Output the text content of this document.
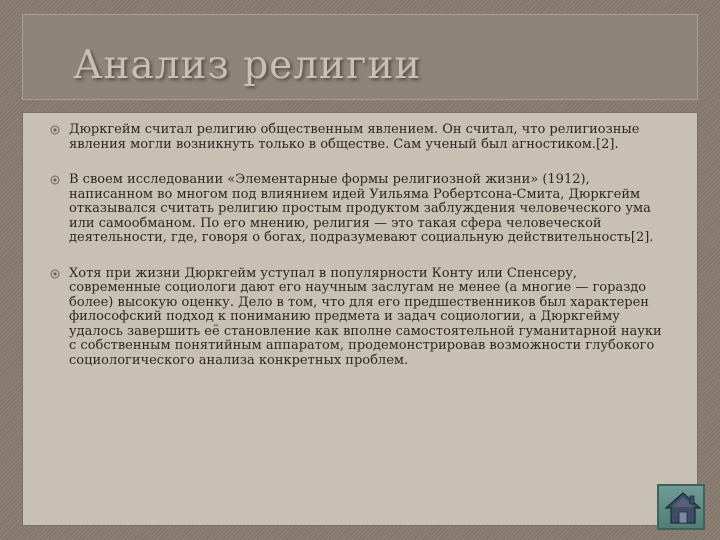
Анализ религии
Дюркгейм считал религию общественным явлением. Он считал, что религиозные явления могли возникнуть только в обществе. Сам ученый был агностиком.[2].
В своем исследовании «Элементарные формы религиозной жизни» (1912), написанном во многом под влиянием идей Уильяма Робертсона-Смита, Дюркгейм отказывался считать религию простым продуктом заблуждения человеческого ума или самообманом. По его мнению, религия — это такая сфера человеческой деятельности, где, говоря о богах, подразумевают социальную действительность[2].
Хотя при жизни Дюркгейм уступал в популярности Конту или Спенсеру, современные социологи дают его научным заслугам не менее (а многие — гораздо более) высокую оценку. Дело в том, что для его предшественников был характерен философский подход к пониманию предмета и задач социологии, а Дюркгейму удалось завершить её становление как вполне самостоятельной гуманитарной науки с собственным понятийным аппаратом, продемонстрировав возможности глубокого социологического анализа конкретных проблем.
